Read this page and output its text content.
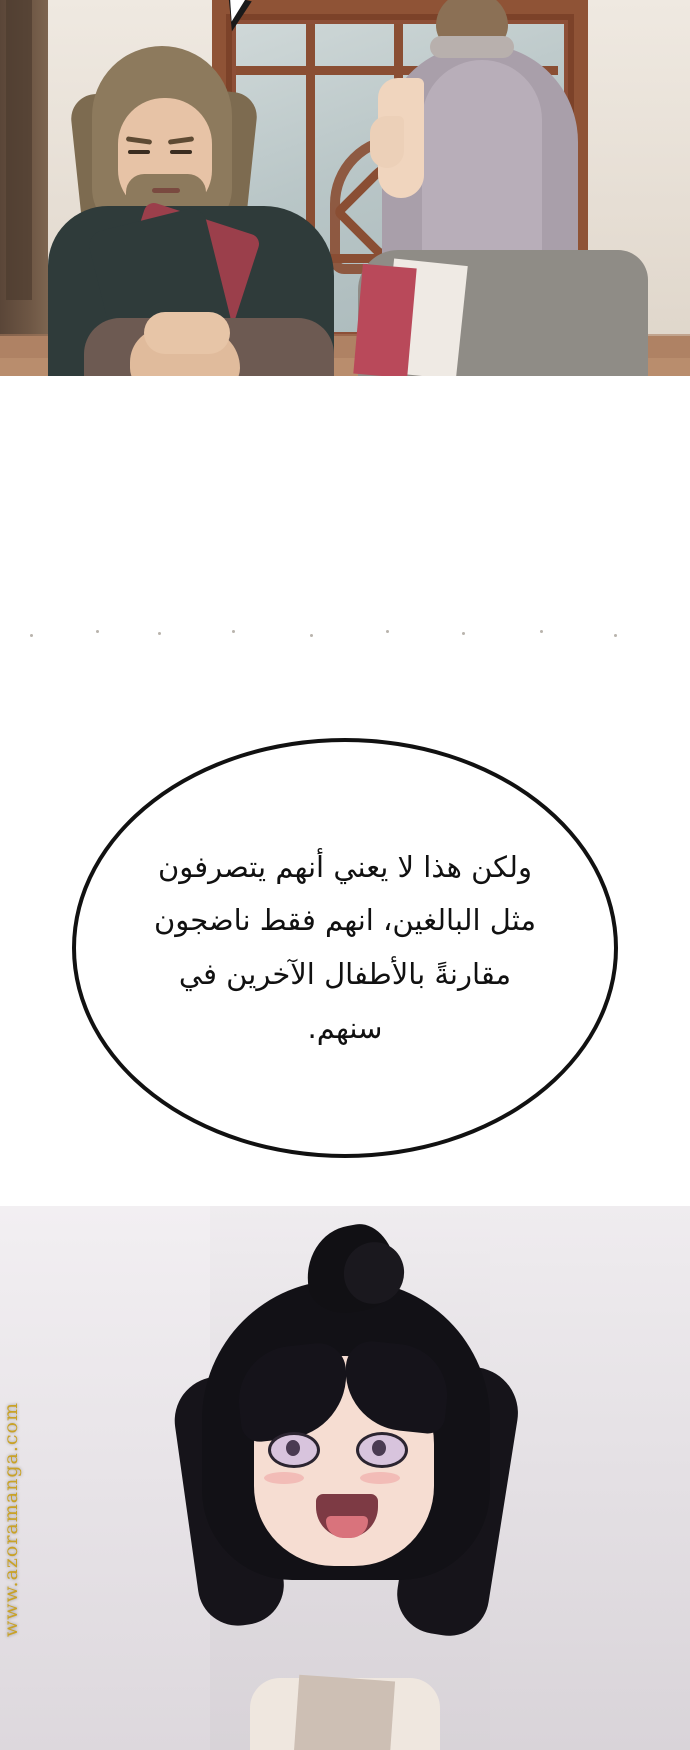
ولكن هذا لا يعني أنهم يتصرفون مثل البالغين، انهم فقط ناضجون مقارنةً بالأطفال الآخرين في سنهم.
www.azoramanga.com
